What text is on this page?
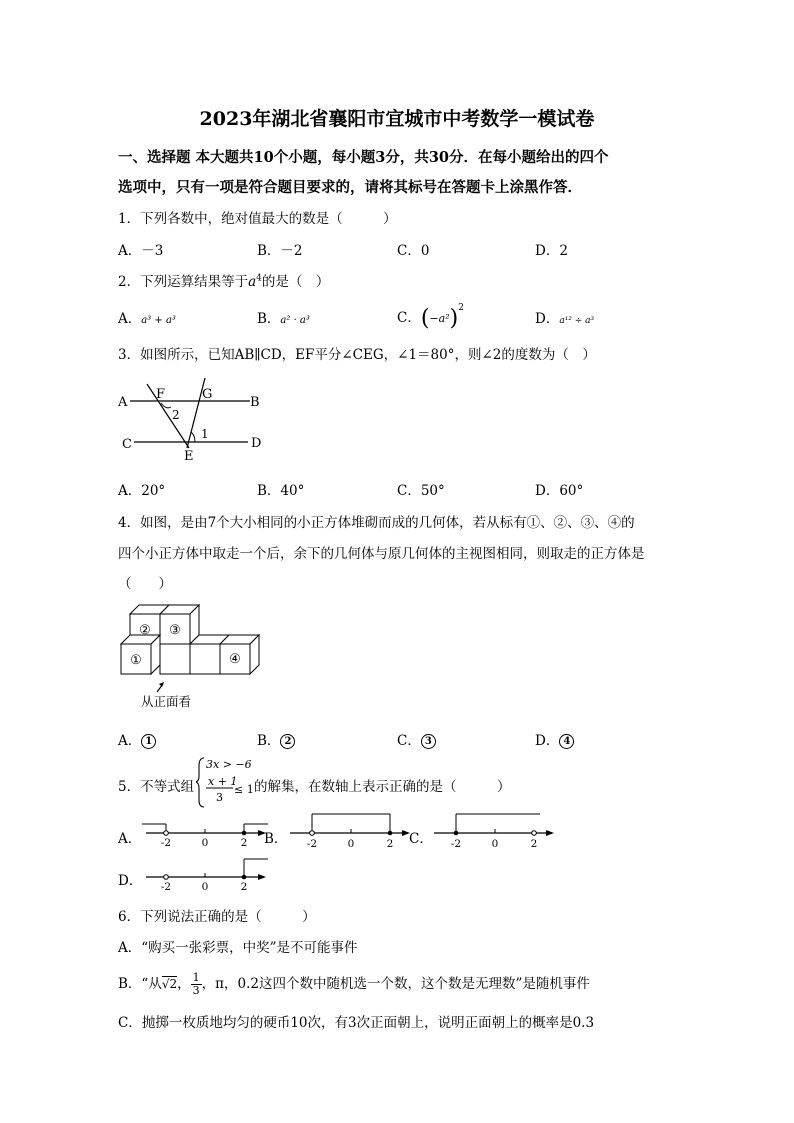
2023年湖北省襄阳市宜城市中考数学一模试卷
一、选择题 本大题共10个小题，每小题3分，共30分．在每小题给出的四个
选项中，只有一项是符合题目要求的，请将其标号在答题卡上涂黑作答．
1．下列各数中，绝对值最大的数是（　　　）
A．－3	B．－2	C．0	D．2
2．下列运算结果等于$a^4$的是（　）
A．a³ + a³	B．a² · a³	C．$(-a^2)^2$
D．a¹² ÷ a³
3．如图所示，已知AB∥CD，EF平分∠CEG，∠1＝80°，则∠2的度数为（　）
A	B
C	D
E
F	G
1
2
A．20°	B．40°	C．50°	D．60°
4．如图，是由7个大小相同的小正方体堆砌而成的几何体，若从标有①、②、③、④的
四个小正方体中取走一个后，余下的几何体与原几何体的主视图相同，则取走的正方体是
（　　）
② ③
④
①
从正面看
A． 1	B． 2	C． 3	D． 4
5．不等式组
3x > −6
x + 1
3
≤ 1 的解集，在数轴上表示正确的是（　　　）
A． -2	0	2 B． -2	0	2 C． -2	0	2
D． -2	0	2
6．下列说法正确的是（　　　）
A．“购买一张彩票，中奖”是不可能事件
B．“从√2， $\frac{1}{3}$ ，π，0.2这四个数中随机选一个数，这个数是无理数”是随机事件
C．抛掷一枚质地均匀的硬币10次，有3次正面朝上，说明正面朝上的概率是0.3
